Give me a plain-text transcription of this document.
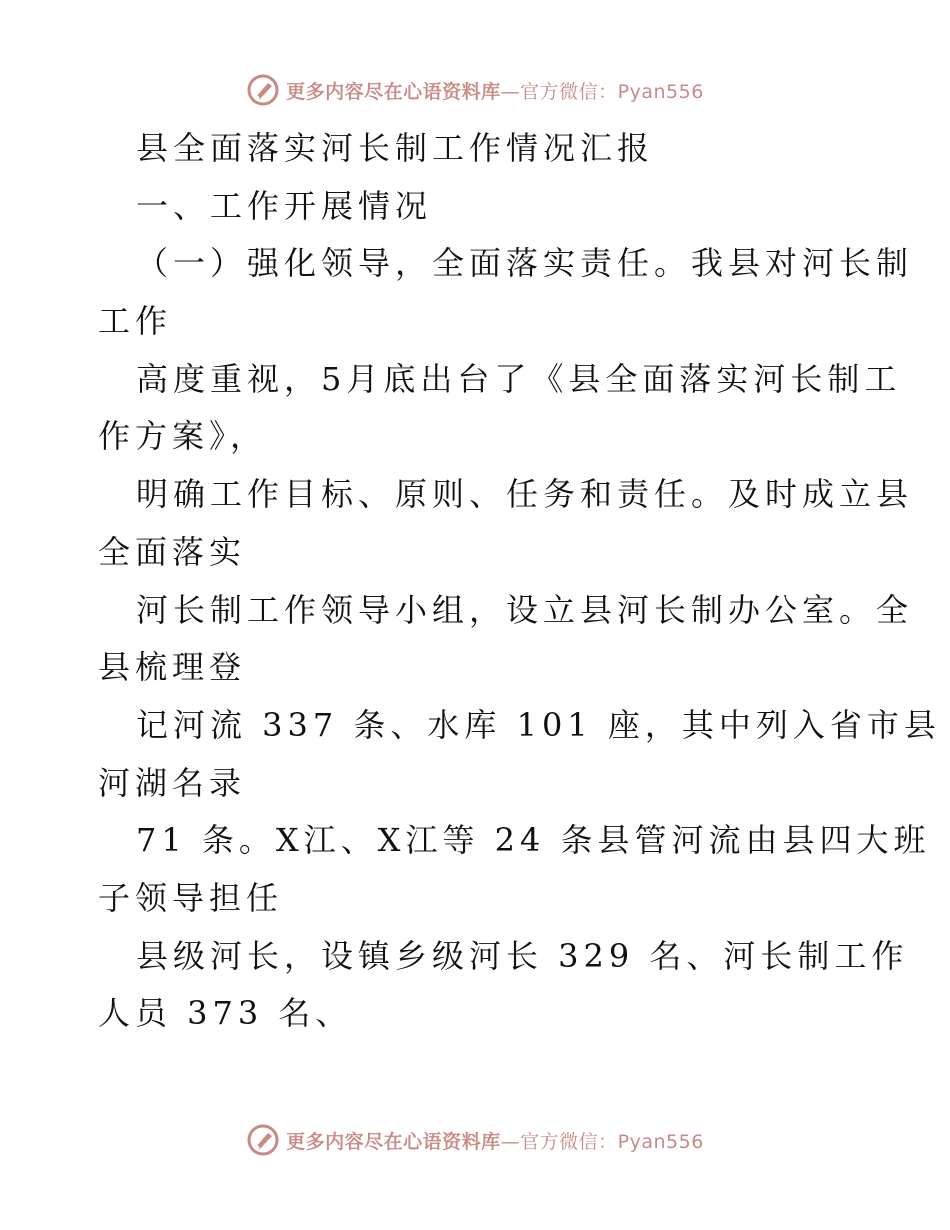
更多内容尽在心语资料库—官方微信：Pyan556
县全面落实河长制工作情况汇报
一、工作开展情况
（一）强化领导，全面落实责任。我县对河长制
工作
高度重视，5月底出台了《县全面落实河长制工
作方案》，
明确工作目标、原则、任务和责任。及时成立县
全面落实
河长制工作领导小组，设立县河长制办公室。全
县梳理登
记河流 337 条、水库 101 座，其中列入省市县
河湖名录
71 条。X江、X江等 24 条县管河流由县四大班
子领导担任
县级河长，设镇乡级河长 329 名、河长制工作
人员 373 名、
更多内容尽在心语资料库—官方微信：Pyan556
